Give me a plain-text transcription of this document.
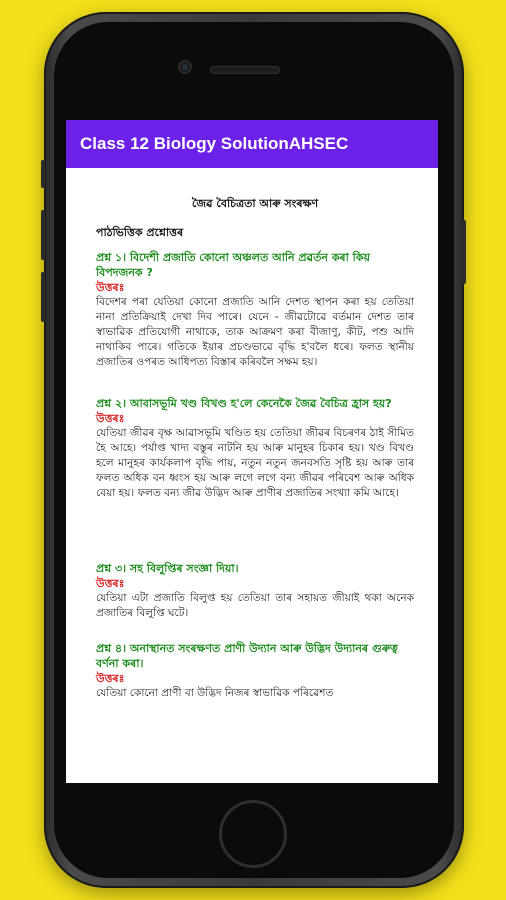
Class 12 Biology SolutionAHSEC
জৈৱ বৈচিত্ৰতা আৰু সংৰক্ষণ
পাঠভিত্তিক প্ৰশ্নোত্তৰ
প্ৰশ্ন ১। বিদেশী প্ৰজাতি কোনো অঞ্চলত আনি প্ৰৱৰ্তন কৰা কিয় বিপদজনক ?
উত্তৰঃ
বিদেশৰ পৰা যেতিয়া কোনো প্ৰজাতি আনি দেশত স্থাপন কৰা হয় তেতিয়া নানা প্ৰতিক্ৰিয়াই দেখা দিব পাৰে। যেনে - জীৱটোৱে বৰ্তমান দেশত তাৰ স্বাভাৱিক প্ৰতিযোগী নাথাকে, তাক আক্ৰমণ কৰা বীজাণু, কীট, পশু আদি নাথাকিব পাৰে। গতিকে ইয়াৰ প্ৰচণ্ডভাৱে বৃদ্ধি হ'বলৈ ধৰে। ফলত স্থানীয় প্ৰজাতিৰ ওপৰত আধিপত্য বিস্তাৰ কৰিবলৈ সক্ষম হয়।
প্ৰশ্ন ২। আবাসভূমি খণ্ড বিখণ্ড হ'লে কেনেকৈ জৈৱ বৈচিত্ৰ হ্ৰাস হয়?
উত্তৰঃ
যেতিয়া জীৱৰ বৃক্ষ আৱাসভূমি খণ্ডিত হয় তেতিয়া জীৱৰ বিচৰণৰ ঠাই সীমিত হৈ আহে। পৰ্যাপ্ত খাদ্য বস্তুৰ নাটনি হয় আৰু মানুহৰ চিকাৰ হয়। খণ্ড বিখণ্ড হলে মানুহৰ কাৰ্যকলাপ বৃদ্ধি পায়, নতুন নতুন জনবসতি সৃষ্টি হয় আৰু তাৰ ফলত অধিক বন ধ্বংস হয় আৰু লগে লগে বন্য জীৱৰ পৰিবেশ আৰু অধিক বেয়া হয়। ফলত বন্য জীৱ উদ্ভিদ আৰু প্ৰাণীৰ প্ৰজাতিৰ সংখ্যা কমি আহে।
প্ৰশ্ন ৩। সহ বিলুপ্তিৰ সংজ্ঞা দিয়া।
উত্তৰঃ
যেতিয়া এটা প্ৰজাতি বিলুপ্ত হয় তেতিয়া তাৰ সহায়ত জীয়াই থকা অনেক প্ৰজাতিৰ বিলুপ্তি ঘটে।
প্ৰশ্ন ৪। অনাস্থানত সংৰক্ষণত প্ৰাণী উদ্যান আৰু উদ্ভিদ উদ্যানৰ গুৰুত্ব বৰ্ণনা কৰা।
উত্তৰঃ
যেতিয়া কোনো প্ৰাণী বা উদ্ভিদ নিজৰ স্বাভাৱিক পৰিৱেশত
